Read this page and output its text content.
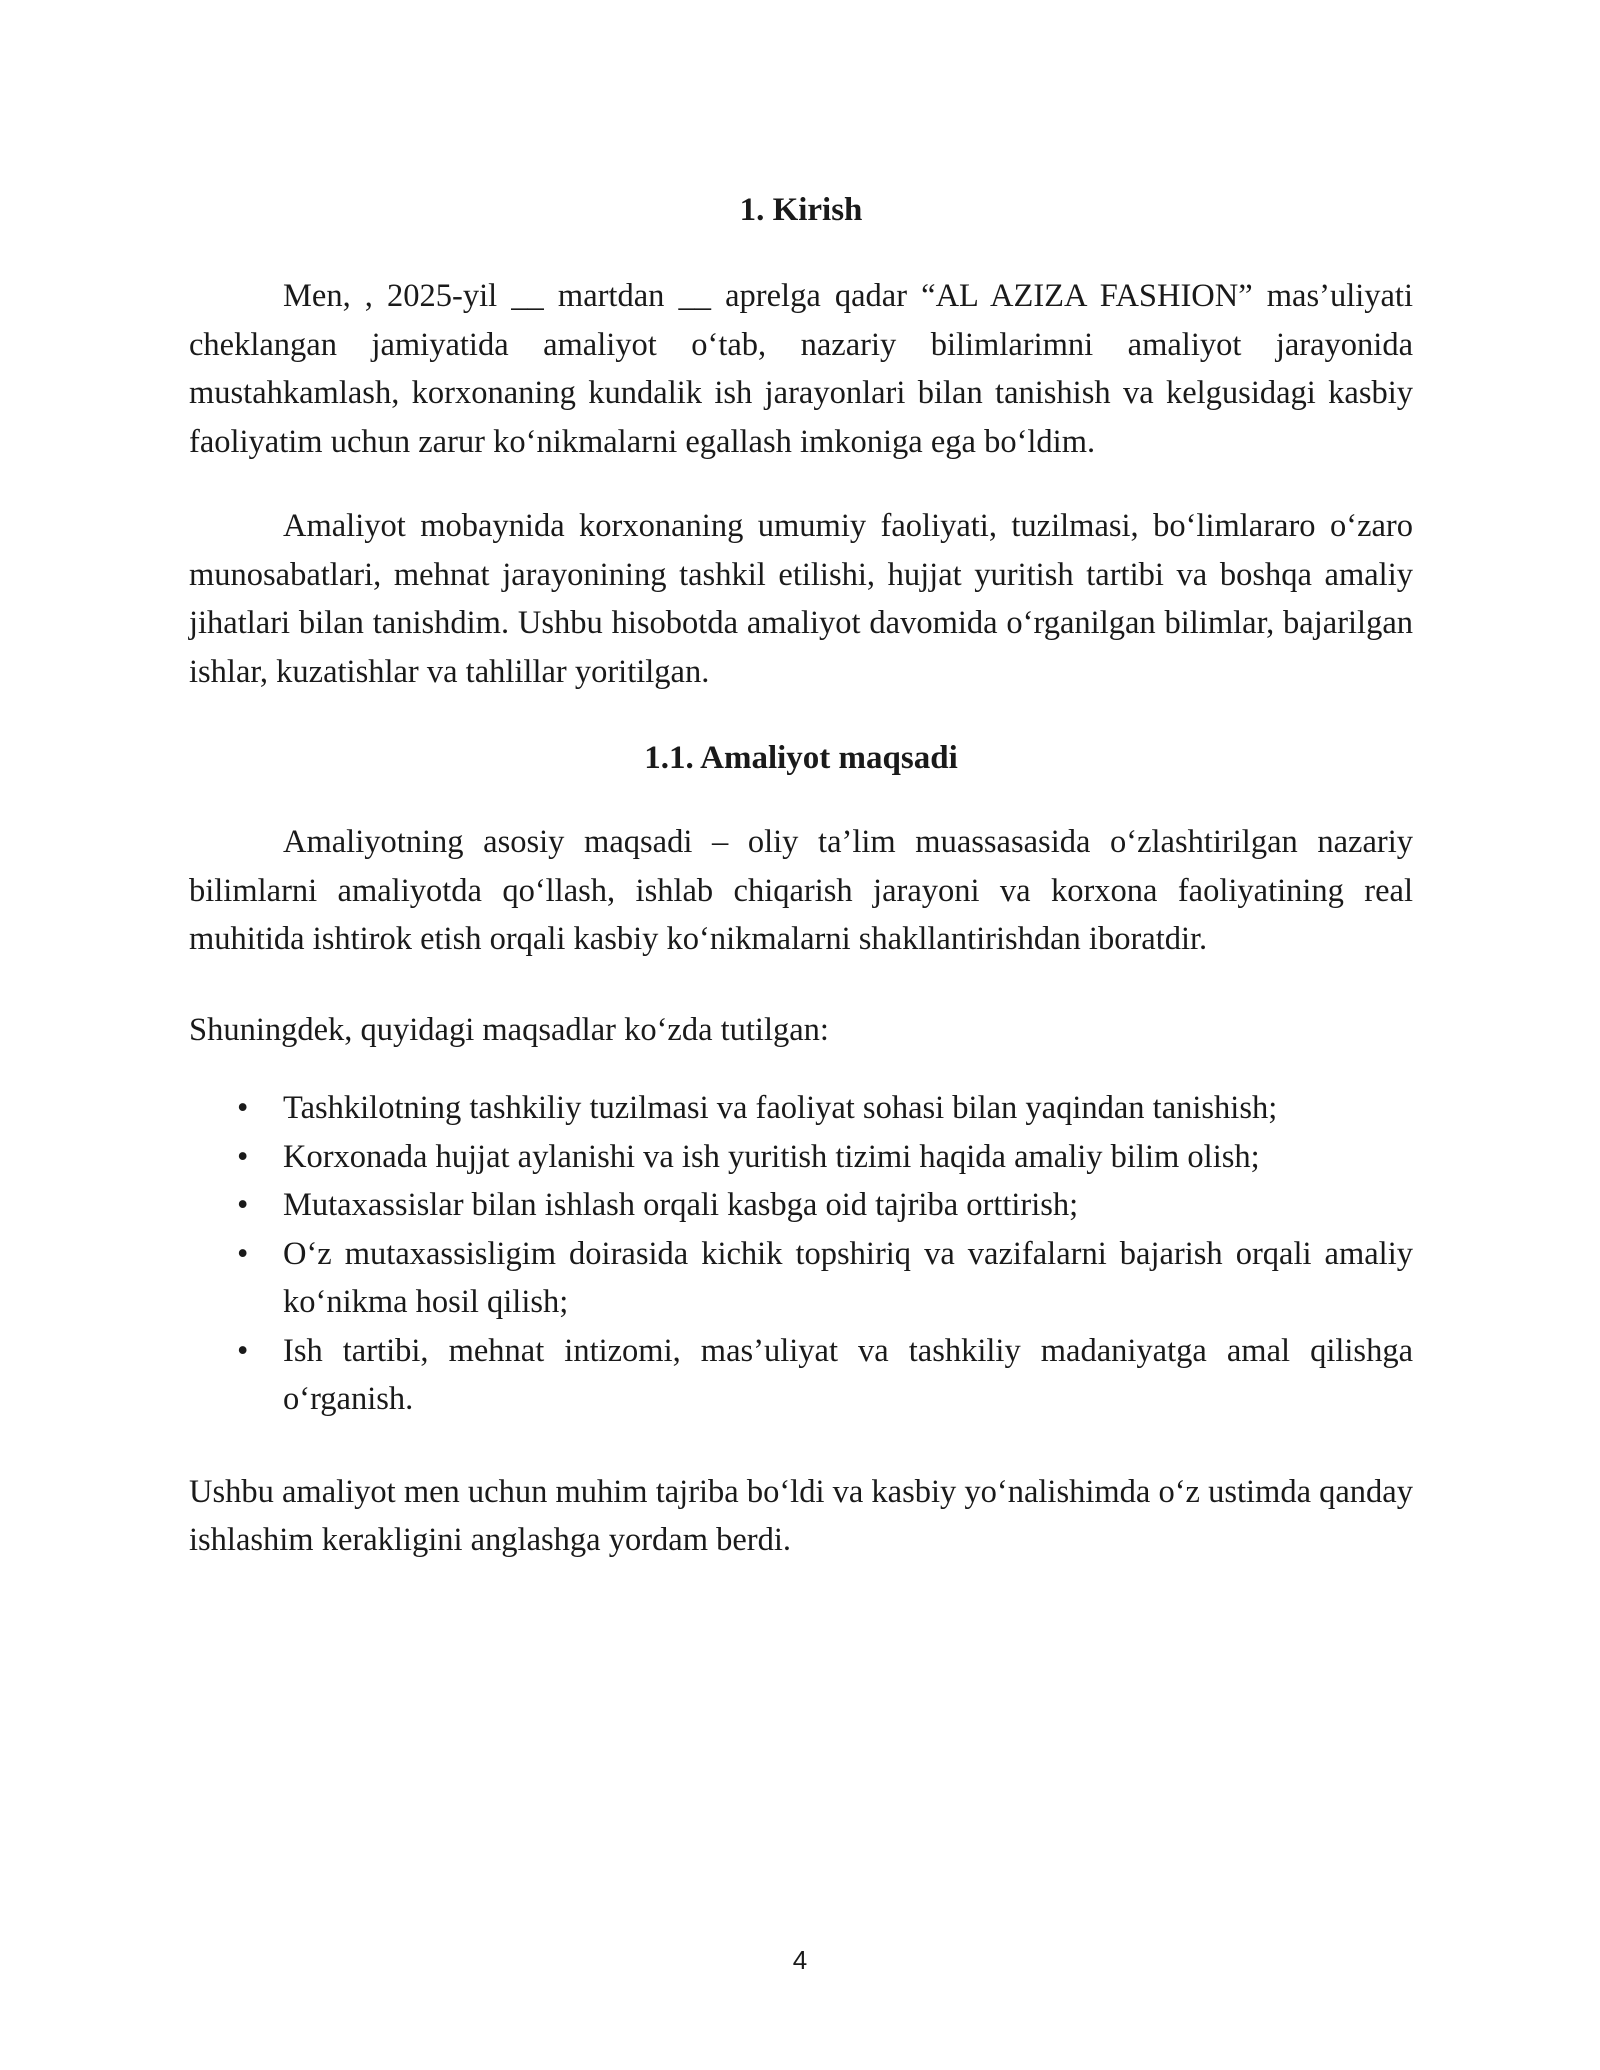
1. Kirish

Men, , 2025-yil __ martdan __ aprelga qadar “AL AZIZA FASHION” mas’uliyati cheklangan jamiyatida amaliyot o‘tab, nazariy bilimlarimni amaliyot jarayonida mustahkamlash, korxonaning kundalik ish jarayonlari bilan tanishish va kelgusidagi kasbiy faoliyatim uchun zarur ko‘nikmalarni egallash imkoniga ega bo‘ldim.

Amaliyot mobaynida korxonaning umumiy faoliyati, tuzilmasi, bo‘limlararo o‘zaro munosabatlari, mehnat jarayonining tashkil etilishi, hujjat yuritish tartibi va boshqa amaliy jihatlari bilan tanishdim. Ushbu hisobotda amaliyot davomida o‘rganilgan bilimlar, bajarilgan ishlar, kuzatishlar va tahlillar yoritilgan.

1.1. Amaliyot maqsadi

Amaliyotning asosiy maqsadi – oliy ta’lim muassasasida o‘zlashtirilgan nazariy bilimlarni amaliyotda qo‘llash, ishlab chiqarish jarayoni va korxona faoliyatining real muhitida ishtirok etish orqali kasbiy ko‘nikmalarni shakllantirishdan iboratdir.

Shuningdek, quyidagi maqsadlar ko‘zda tutilgan:

• Tashkilotning tashkiliy tuzilmasi va faoliyat sohasi bilan yaqindan tanishish;
• Korxonada hujjat aylanishi va ish yuritish tizimi haqida amaliy bilim olish;
• Mutaxassislar bilan ishlash orqali kasbga oid tajriba orttirish;
• O‘z mutaxassisligim doirasida kichik topshiriq va vazifalarni bajarish orqali amaliy ko‘nikma hosil qilish;
• Ish tartibi, mehnat intizomi, mas’uliyat va tashkiliy madaniyatga amal qilishga o‘rganish.

Ushbu amaliyot men uchun muhim tajriba bo‘ldi va kasbiy yo‘nalishimda o‘z ustimda qanday ishlashim kerakligini anglashga yordam berdi.

4
